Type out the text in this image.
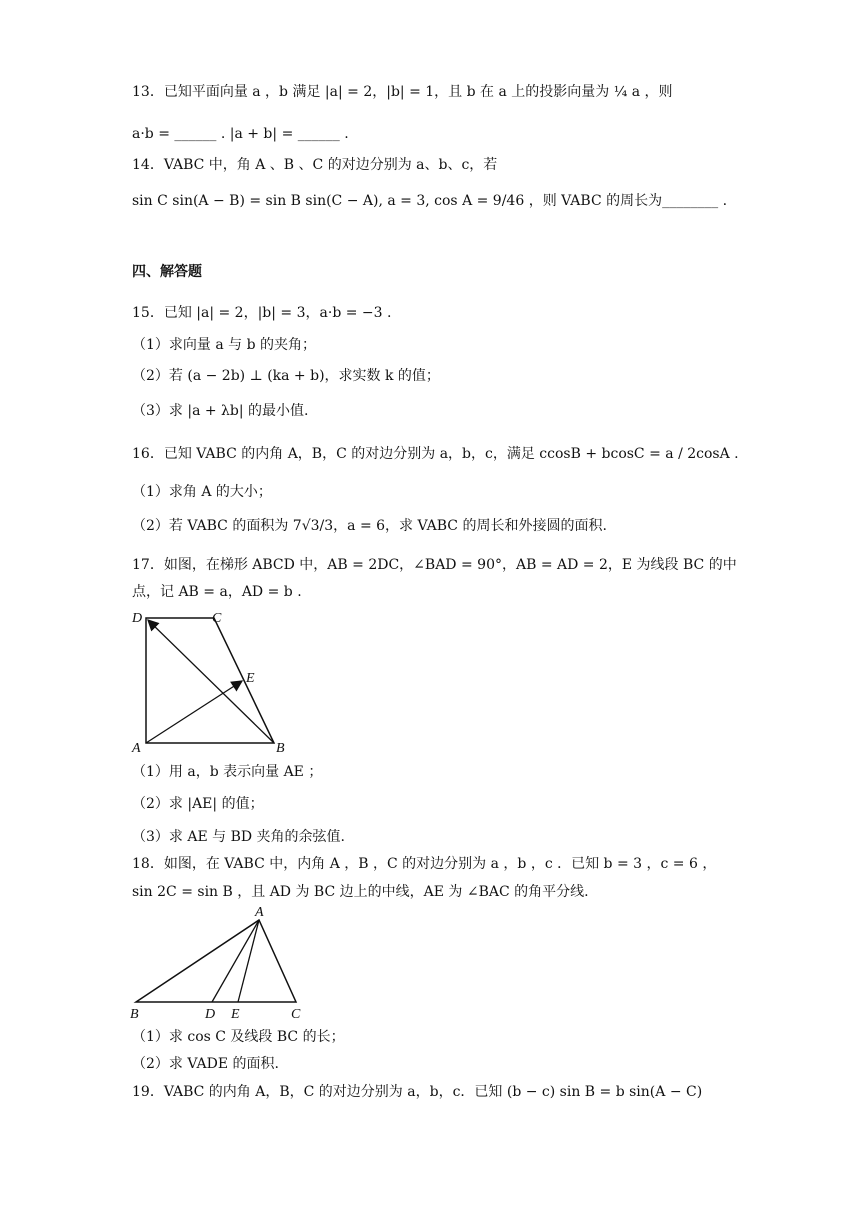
13．已知平面向量 a ，b 满足 |a| = 2，|b| = 1，且 b 在 a 上的投影向量为 ¼ a ，则
a·b = ______ . |a + b| = ______ .
14．VABC 中，角 A 、B 、C 的对边分别为 a、b、c，若
sin C sin(A − B) = sin B sin(C − A), a = 3, cos A = 9/46 ，则 VABC 的周长为________ .
四、解答题
15．已知 |a| = 2，|b| = 3，a·b = −3 .
（1）求向量 a 与 b 的夹角；
（2）若 (a − 2b) ⊥ (ka + b)，求实数 k 的值；
（3）求 |a + λb| 的最小值.
16．已知 VABC 的内角 A，B，C 的对边分别为 a，b，c，满足 ccosB + bcosC = a / 2cosA .
（1）求角 A 的大小；
（2）若 VABC 的面积为 7√3/3，a = 6，求 VABC 的周长和外接圆的面积.
17．如图，在梯形 ABCD 中，AB = 2DC，∠BAD = 90°，AB = AD = 2，E 为线段 BC 的中
点，记 AB = a，AD = b .
D	C
E
A	B
（1）用 a，b 表示向量 AE ；
（2）求 |AE| 的值；
（3）求 AE 与 BD 夹角的余弦值.
18．如图，在 VABC 中，内角 A ，B ，C 的对边分别为 a ，b ，c ．已知 b = 3 ，c = 6 ，
sin 2C = sin B ，且 AD 为 BC 边上的中线，AE 为 ∠BAC 的角平分线.
A
B	D E	C
（1）求 cos C 及线段 BC 的长；
（2）求 VADE 的面积.
19．VABC 的内角 A，B，C 的对边分别为 a，b，c．已知 (b − c) sin B = b sin(A − C)
